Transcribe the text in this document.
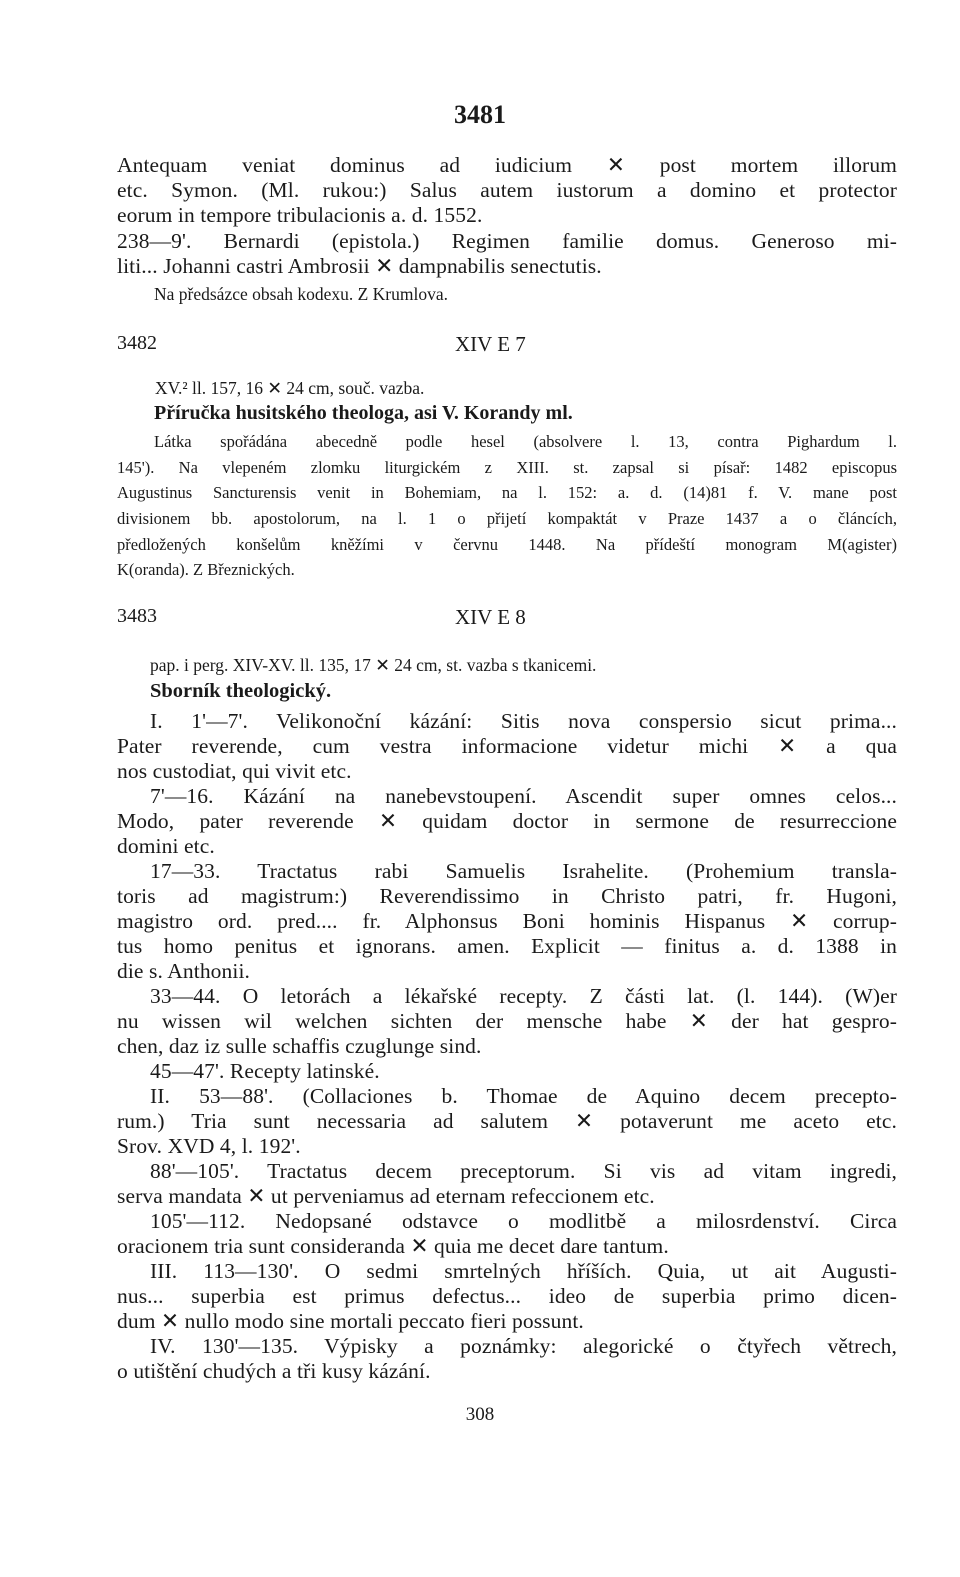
3481
Antequam veniat dominus ad iudicium ✕ post mortem illorum
etc. Symon. (Ml. rukou:) Salus autem iustorum a domino et protector
eorum in tempore tribulacionis a. d. 1552.
238—9'. Bernardi (epistola.) Regimen familie domus. Generoso mi-
liti... Johanni castri Ambrosii ✕ dampnabilis senectutis.
Na předsázce obsah kodexu. Z Krumlova.
3482	XIV E 7
XV.² ll. 157, 16 ✕ 24 cm, souč. vazba.
Příručka husitského theologa, asi V. Korandy ml.
Látka spořádána abecedně podle hesel (absolvere l. 13, contra Pighardum l.
145'). Na vlepeném zlomku liturgickém z XIII. st. zapsal si písař: 1482 episcopus
Augustinus Sancturensis venit in Bohemiam, na l. 152: a. d. (14)81 f. V. mane post
divisionem bb. apostolorum, na l. 1 o přijetí kompaktát v Praze 1437 a o článcích,
předložených konšelům kněžími v červnu 1448. Na přídeští monogram M(agister)
K(oranda). Z Březnických.
3483	XIV E 8
pap. i perg. XIV-XV. ll. 135, 17 ✕ 24 cm, st. vazba s tkanicemi.
Sborník theologický.
I. 1'—7'. Velikonoční kázání: Sitis nova conspersio sicut prima...
Pater reverende, cum vestra informacione videtur michi ✕ a qua
nos custodiat, qui vivit etc.
7'—16. Kázání na nanebevstoupení. Ascendit super omnes celos...
Modo, pater reverende ✕ quidam doctor in sermone de resurreccione
domini etc.
17—33. Tractatus rabi Samuelis Israhelite. (Prohemium transla-
toris ad magistrum:) Reverendissimo in Christo patri, fr. Hugoni,
magistro ord. pred.... fr. Alphonsus Boni hominis Hispanus ✕ corrup-
tus homo penitus et ignorans. amen. Explicit — finitus a. d. 1388 in
die s. Anthonii.
33—44. O letorách a lékařské recepty. Z části lat. (l. 144). (W)er
nu wissen wil welchen sichten der mensche habe ✕ der hat gespro-
chen, daz iz sulle schaffis czuglunge sind.
45—47'. Recepty latinské.
II. 53—88'. (Collaciones b. Thomae de Aquino decem precepto-
rum.) Tria sunt necessaria ad salutem ✕ potaverunt me aceto etc.
Srov. XVD 4, l. 192'.
88'—105'. Tractatus decem preceptorum. Si vis ad vitam ingredi,
serva mandata ✕ ut perveniamus ad eternam refeccionem etc.
105'—112. Nedopsané odstavce o modlitbě a milosrdenství. Circa
oracionem tria sunt consideranda ✕ quia me decet dare tantum.
III. 113—130'. O sedmi smrtelných hříších. Quia, ut ait Augusti-
nus... superbia est primus defectus... ideo de superbia primo dicen-
dum ✕ nullo modo sine mortali peccato fieri possunt.
IV. 130'—135. Výpisky a poznámky: alegorické o čtyřech větrech,
o utištění chudých a tři kusy kázání.
308
